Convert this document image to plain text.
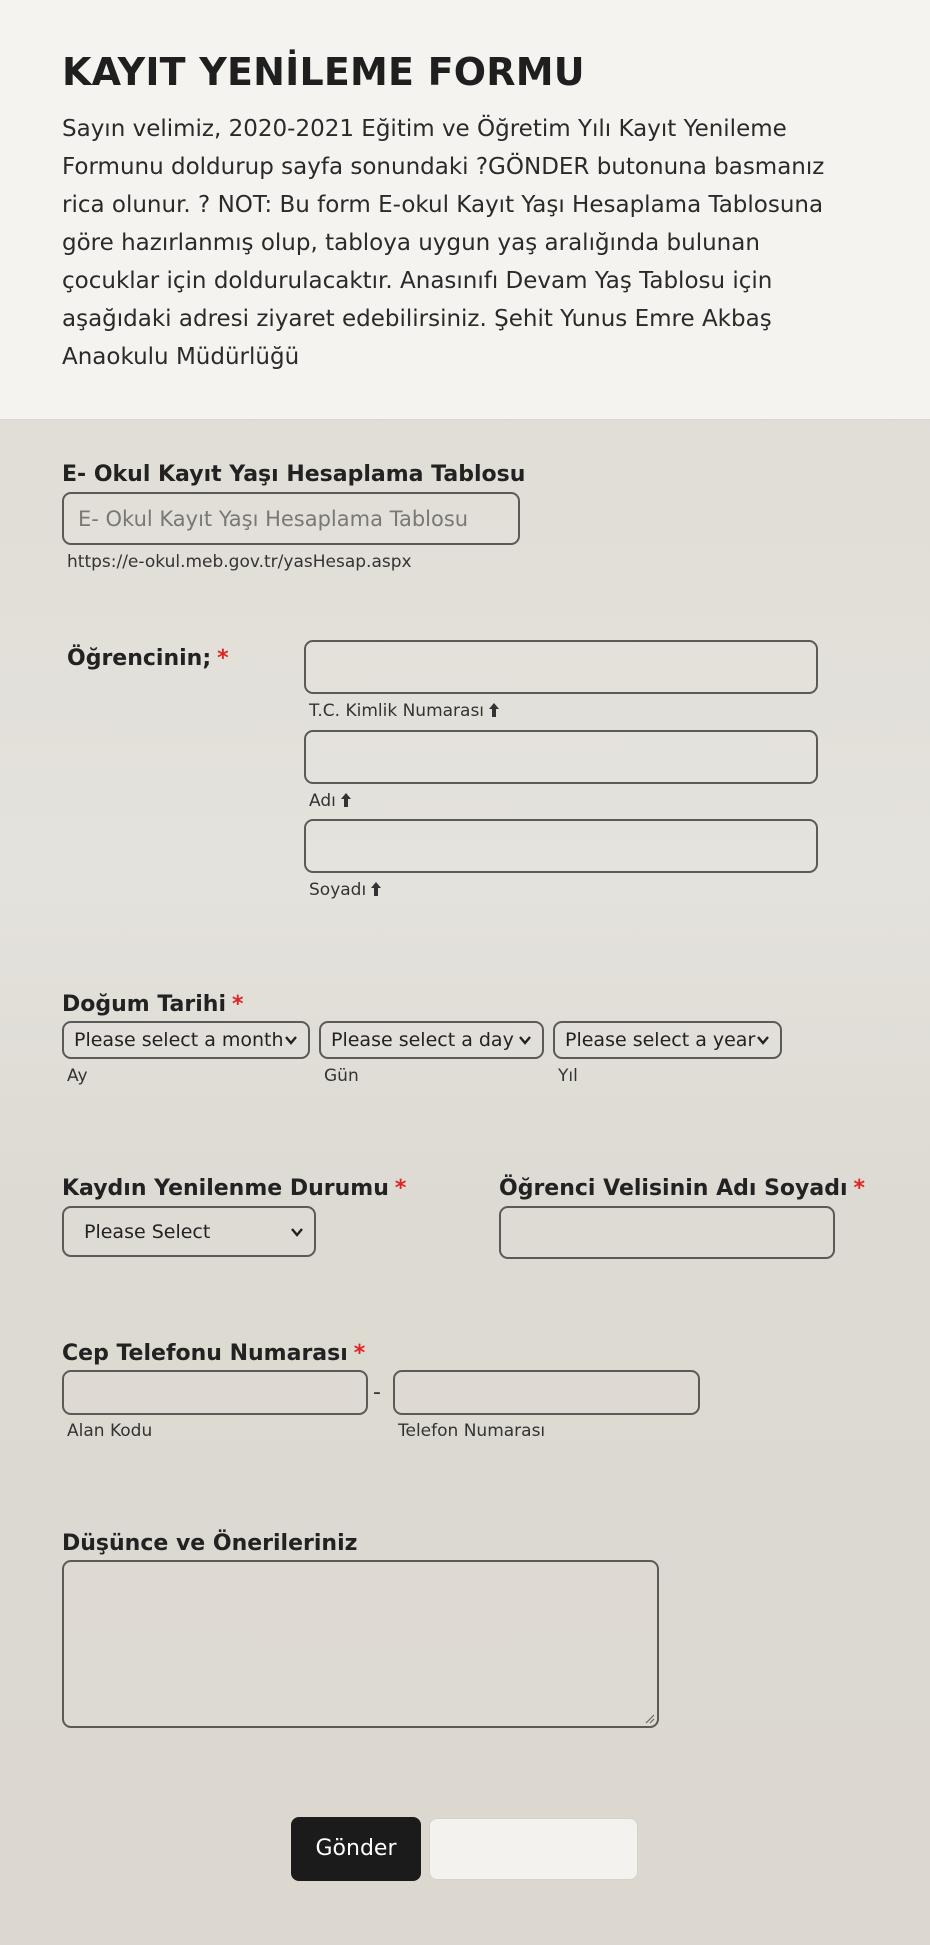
KAYIT YENİLEME FORMU

Sayın velimiz, 2020-2021 Eğitim ve Öğretim Yılı Kayıt Yenileme Formunu doldurup sayfa sonundaki ?GÖNDER butonuna basmanız rica olunur. ? NOT: Bu form E-okul Kayıt Yaşı Hesaplama Tablosuna göre hazırlanmış olup, tabloya uygun yaş aralığında bulunan çocuklar için doldurulacaktır. Anasınıfı Devam Yaş Tablosu için aşağıdaki adresi ziyaret edebilirsiniz. Şehit Yunus Emre Akbaş Anaokulu Müdürlüğü

E- Okul Kayıt Yaşı Hesaplama Tablosu
E- Okul Kayıt Yaşı Hesaplama Tablosu
https://e-okul.meb.gov.tr/yasHesap.aspx
Öğrencinin; *
T.C. Kimlik Numarası
Adı
Soyadı
Doğum Tarihi *
Please select a month Please select a day	Please select a year
Ay	Gün	Yıl
Kaydın Yenilenme Durumu *
Please Select
Öğrenci Velisinin Adı Soyadı *
Cep Telefonu Numarası *
-
Alan Kodu	Telefon Numarası
Düşünce ve Önerileriniz
Gönder
